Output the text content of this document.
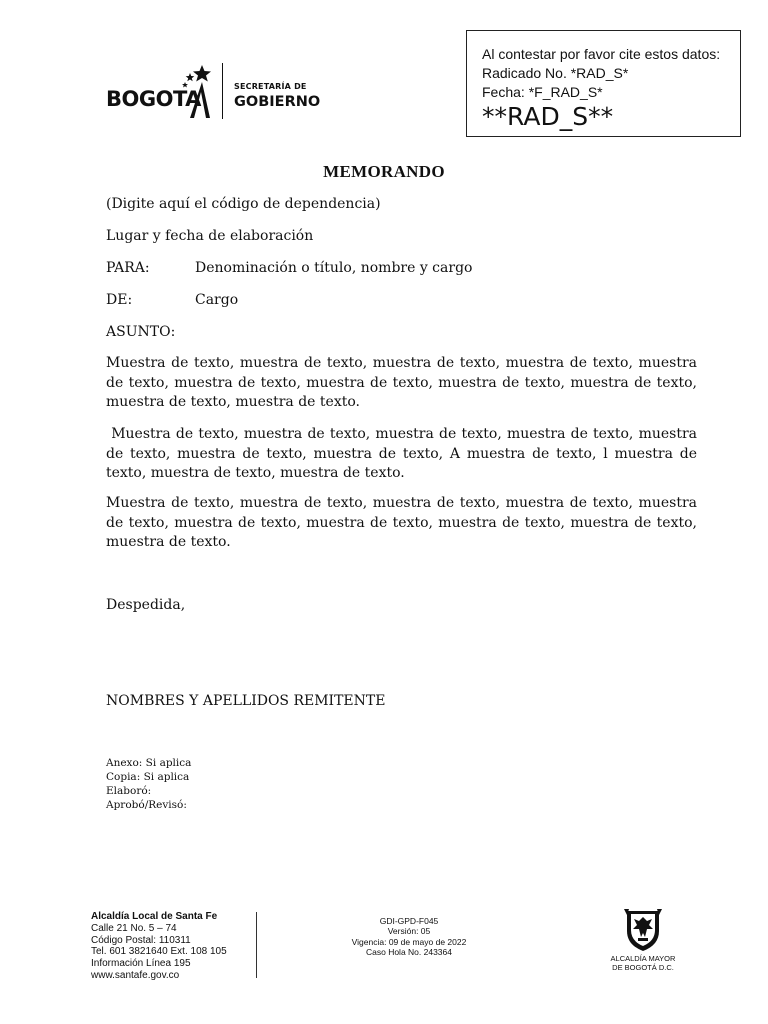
BOGOTA
SECRETARÍA DE
GOBIERNO
Al contestar por favor cite estos datos:
Radicado No. *RAD_S*
Fecha: *F_RAD_S*
**RAD_S**
MEMORANDO
(Digite aquí el código de dependencia)
Lugar y fecha de elaboración
PARA:	Denominación o título, nombre y cargo
DE:	Cargo
ASUNTO:
Muestra de texto, muestra de texto, muestra de texto, muestra de texto, muestra de texto, muestra de texto, muestra de texto, muestra de texto, muestra de texto, muestra de texto, muestra de texto.
Muestra de texto, muestra de texto, muestra de texto, muestra de texto, muestra de texto, muestra de texto, muestra de texto, A muestra de texto, l muestra de texto, muestra de texto, muestra de texto.
Muestra de texto, muestra de texto, muestra de texto, muestra de texto, muestra de texto, muestra de texto, muestra de texto, muestra de texto, muestra de texto, muestra de texto.
Despedida,
NOMBRES Y APELLIDOS REMITENTE
Anexo: Si aplica
Copia: Si aplica
Elaboró:
Aprobó/Revisó:
Alcaldía Local de Santa Fe
Calle 21 No. 5 – 74
Código Postal: 110311
Tel. 601 3821640 Ext. 108 105
Información Línea 195
www.santafe.gov.co
GDI-GPD-F045
Versión: 05
Vigencia: 09 de mayo de 2022
Caso Hola No. 243364
ALCALDÍA MAYOR
DE BOGOTÁ D.C.
